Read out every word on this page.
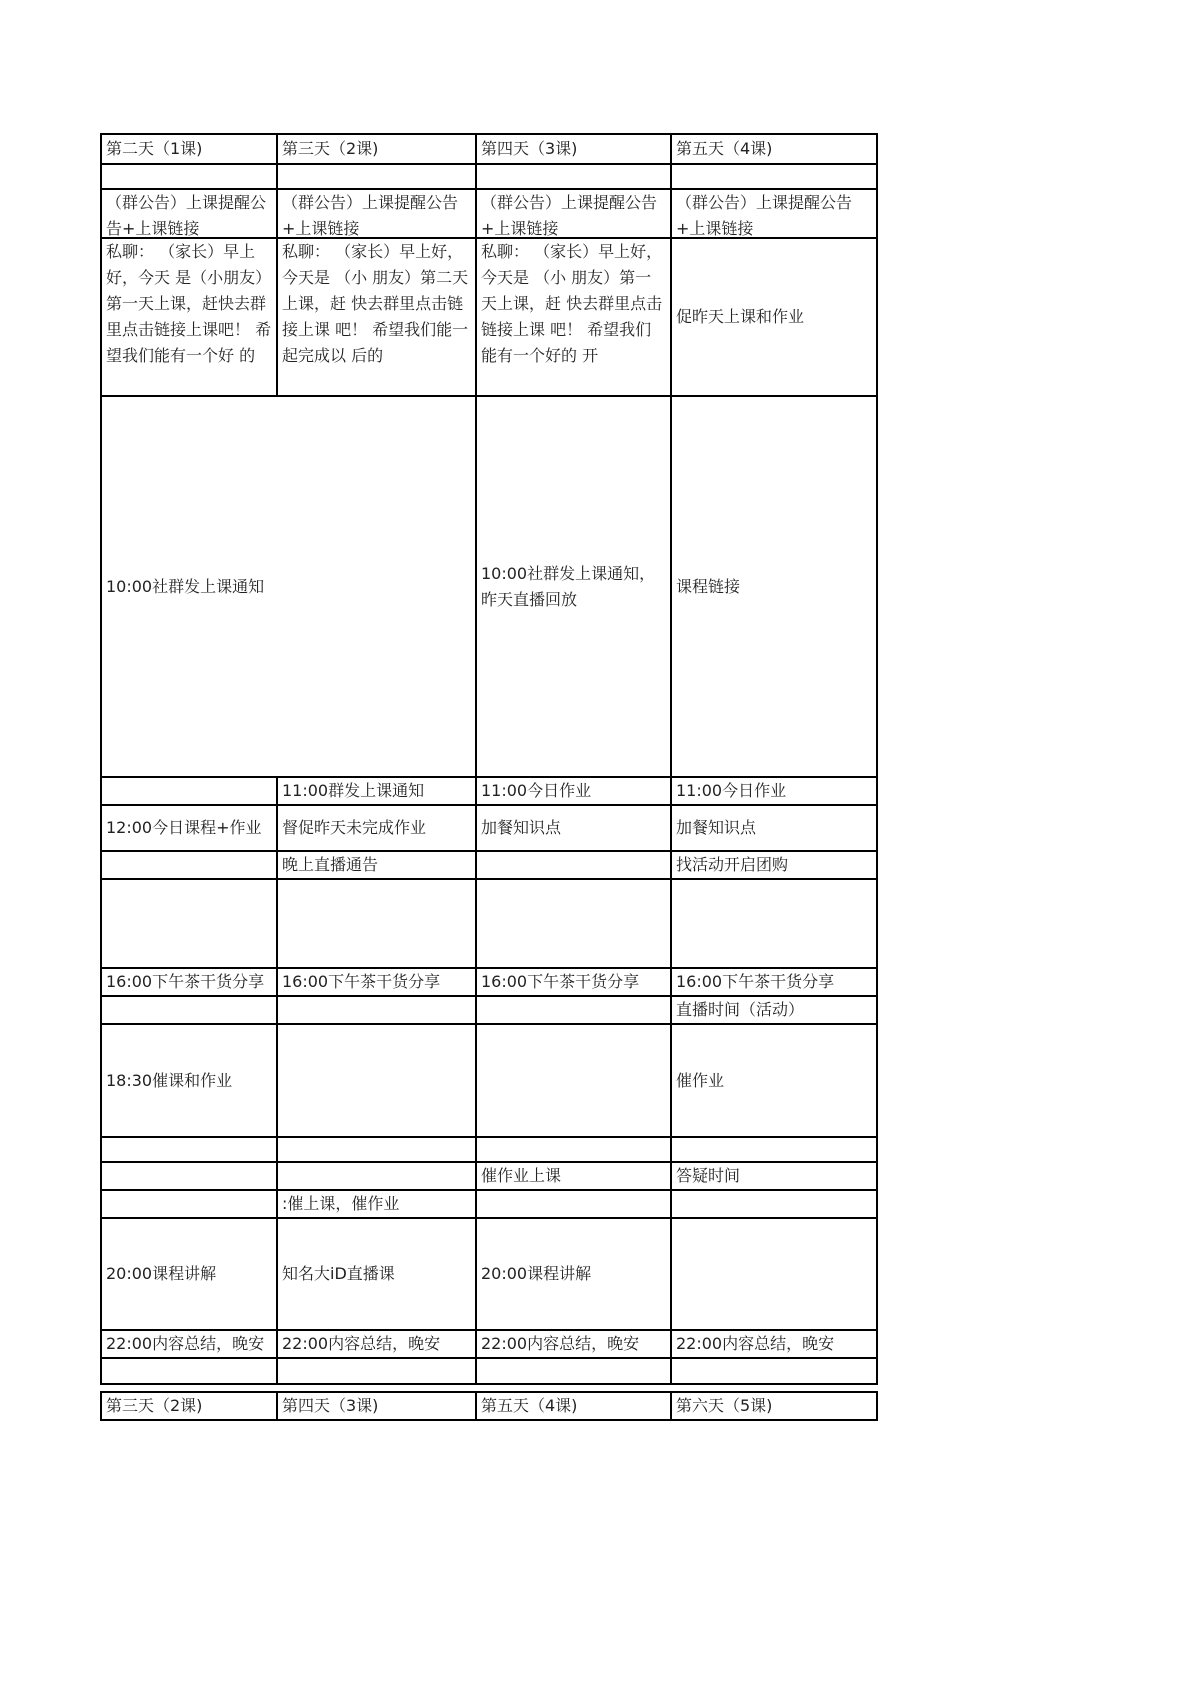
第二天（1课)	第三天（2课)	第四天（3课)	第五天（4课)

（群公告）上课提醒公告+上课链接	（群公告）上课提醒公告+上课链接	（群公告）上课提醒公告+上课链接	（群公告）上课提醒公告 +上课链接

私聊： （家长）早上好，今天 是（小朋友）第一天上课，赶快去群里点击链接上课吧！ 希望我们能有一个好 的	私聊： （家长）早上好，今天是 （小 朋友）第二天上课，赶 快去群里点击链接上课 吧！ 希望我们能一起完成以 后的	私聊： （家长）早上好，今天是 （小 朋友）第一天上课，赶 快去群里点击链接上课 吧！ 希望我们能有一个好的 开	促昨天上课和作业

10:00社群发上课通知		10:00社群发上课通知， 昨天直播回放	课程链接
	11:00群发上课通知	11:00今日作业	11:00今日作业
12:00今日课程+作业	督促昨天未完成作业	加餐知识点	加餐知识点
	晚上直播通告		找活动开启团购

16:00下午茶干货分享	16:00下午茶干货分享	16:00下午茶干货分享	16:00下午茶干货分享
			直播时间（活动）
18:30催课和作业			催作业

		催作业上课	答疑时间
	:催上课，催作业		
20:00课程讲解	知名大iD直播课	20:00课程讲解	
22:00内容总结，晚安	22:00内容总结，晚安	22:00内容总结，晚安	22:00内容总结，晚安

第三天（2课)	第四天（3课)	第五天（4课)	第六天（5课)
